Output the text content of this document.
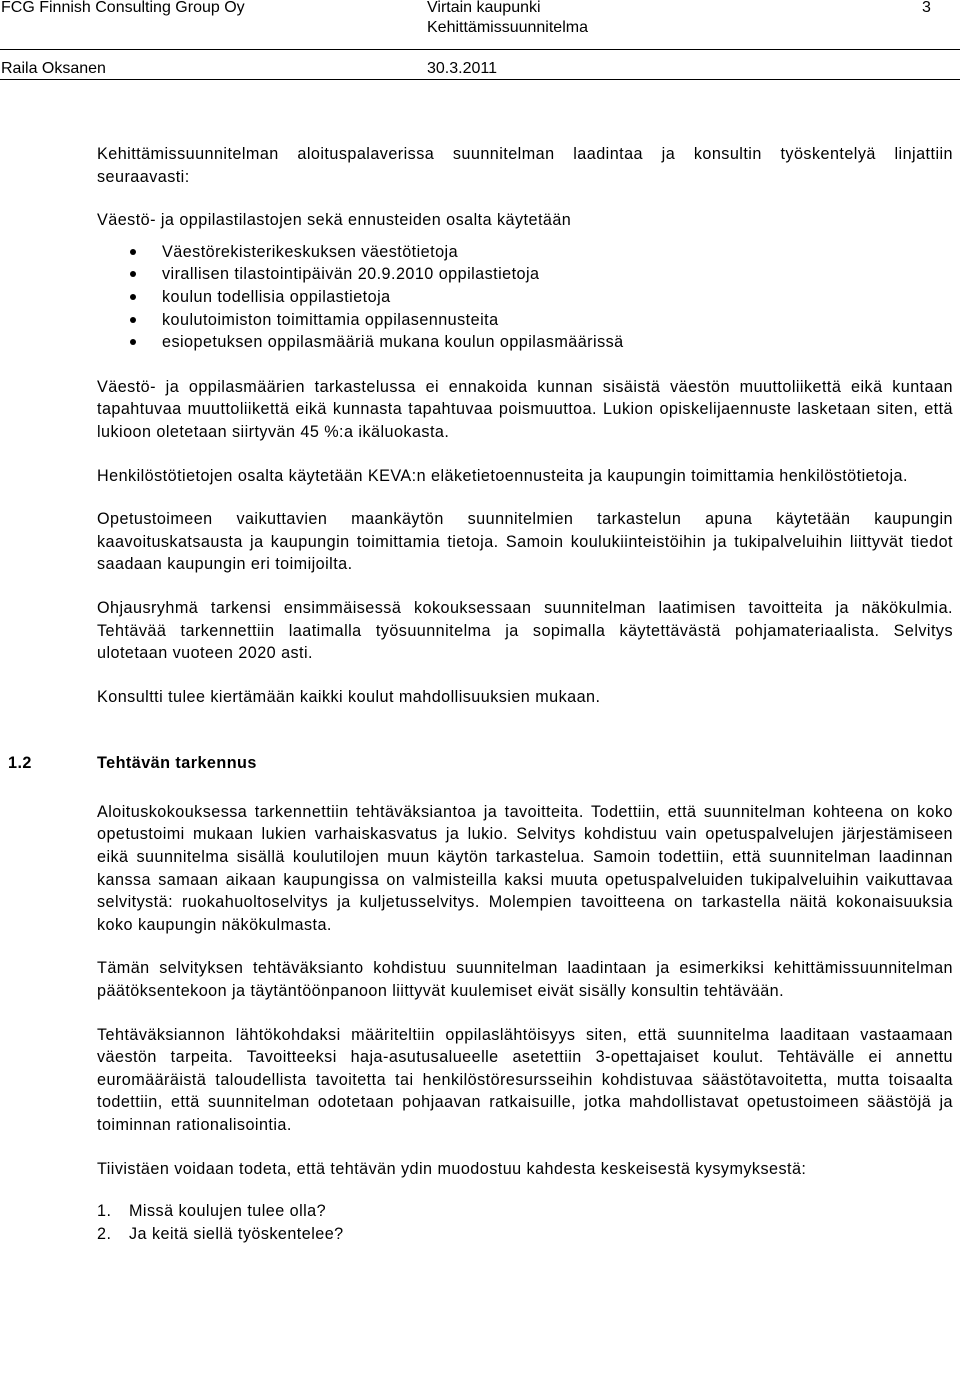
FCG Finnish Consulting Group Oy	Virtain kaupunki
Kehittämissuunnitelma
3
Raila Oksanen	30.3.2011

Kehittämissuunnitelman aloituspalaverissa suunnitelman laadintaa ja konsultin työskentelyä linjattiin seuraavasti:

Väestö- ja oppilastilastojen sekä ennusteiden osalta käytetään

Väestörekisterikeskuksen väestötietoja
virallisen tilastointipäivän 20.9.2010 oppilastietoja
koulun todellisia oppilastietoja
koulutoimiston toimittamia oppilasennusteita
esiopetuksen oppilasmääriä mukana koulun oppilasmäärissä

Väestö- ja oppilasmäärien tarkastelussa ei ennakoida kunnan sisäistä väestön muuttoliikettä eikä kuntaan tapahtuvaa muuttoliikettä eikä kunnasta tapahtuvaa poismuuttoa. Lukion opiskelijaennuste lasketaan siten, että lukioon oletetaan siirtyvän 45 %:a ikäluokasta.

Henkilöstötietojen osalta käytetään KEVA:n eläketietoennusteita ja kaupungin toimittamia henkilöstötietoja.

Opetustoimeen vaikuttavien maankäytön suunnitelmien tarkastelun apuna käytetään kaupungin kaavoituskatsausta ja kaupungin toimittamia tietoja. Samoin koulukiinteistöihin ja tukipalveluihin liittyvät tiedot saadaan kaupungin eri toimijoilta.

Ohjausryhmä tarkensi ensimmäisessä kokouksessaan suunnitelman laatimisen tavoitteita ja näkökulmia. Tehtävää tarkennettiin laatimalla työsuunnitelma ja sopimalla käytettävästä pohjamateriaalista. Selvitys ulotetaan vuoteen 2020 asti.

Konsultti tulee kiertämään kaikki koulut mahdollisuuksien mukaan.

1.2	Tehtävän tarkennus

Aloituskokouksessa tarkennettiin tehtäväksiantoa ja tavoitteita. Todettiin, että suunnitelman kohteena on koko opetustoimi mukaan lukien varhaiskasvatus ja lukio. Selvitys kohdistuu vain opetuspalvelujen järjestämiseen eikä suunnitelma sisällä koulutilojen muun käytön tarkastelua. Samoin todettiin, että suunnitelman laadinnan kanssa samaan aikaan kaupungissa on valmisteilla kaksi muuta opetuspalveluiden tukipalveluihin vaikuttavaa selvitystä: ruokahuoltoselvitys ja kuljetusselvitys. Molempien tavoitteena on tarkastella näitä kokonaisuuksia koko kaupungin näkökulmasta.

Tämän selvityksen tehtäväksianto kohdistuu suunnitelman laadintaan ja esimerkiksi kehittämissuunnitelman päätöksentekoon ja täytäntöönpanoon liittyvät kuulemiset eivät sisälly konsultin tehtävään.

Tehtäväksiannon lähtökohdaksi määriteltiin oppilaslähtöisyys siten, että suunnitelma laaditaan vastaamaan väestön tarpeita. Tavoitteeksi haja-asutusalueelle asetettiin 3-opettajaiset koulut. Tehtävälle ei annettu euromääräistä taloudellista tavoitetta tai henkilöstöresursseihin kohdistuvaa säästötavoitetta, mutta toisaalta todettiin, että suunnitelman odotetaan pohjaavan ratkaisuille, jotka mahdollistavat opetustoimeen säästöjä ja toiminnan rationalisointia.

Tiivistäen voidaan todeta, että tehtävän ydin muodostuu kahdesta keskeisestä kysymyksestä:

1.	Missä koulujen tulee olla?
2.	Ja keitä siellä työskentelee?
